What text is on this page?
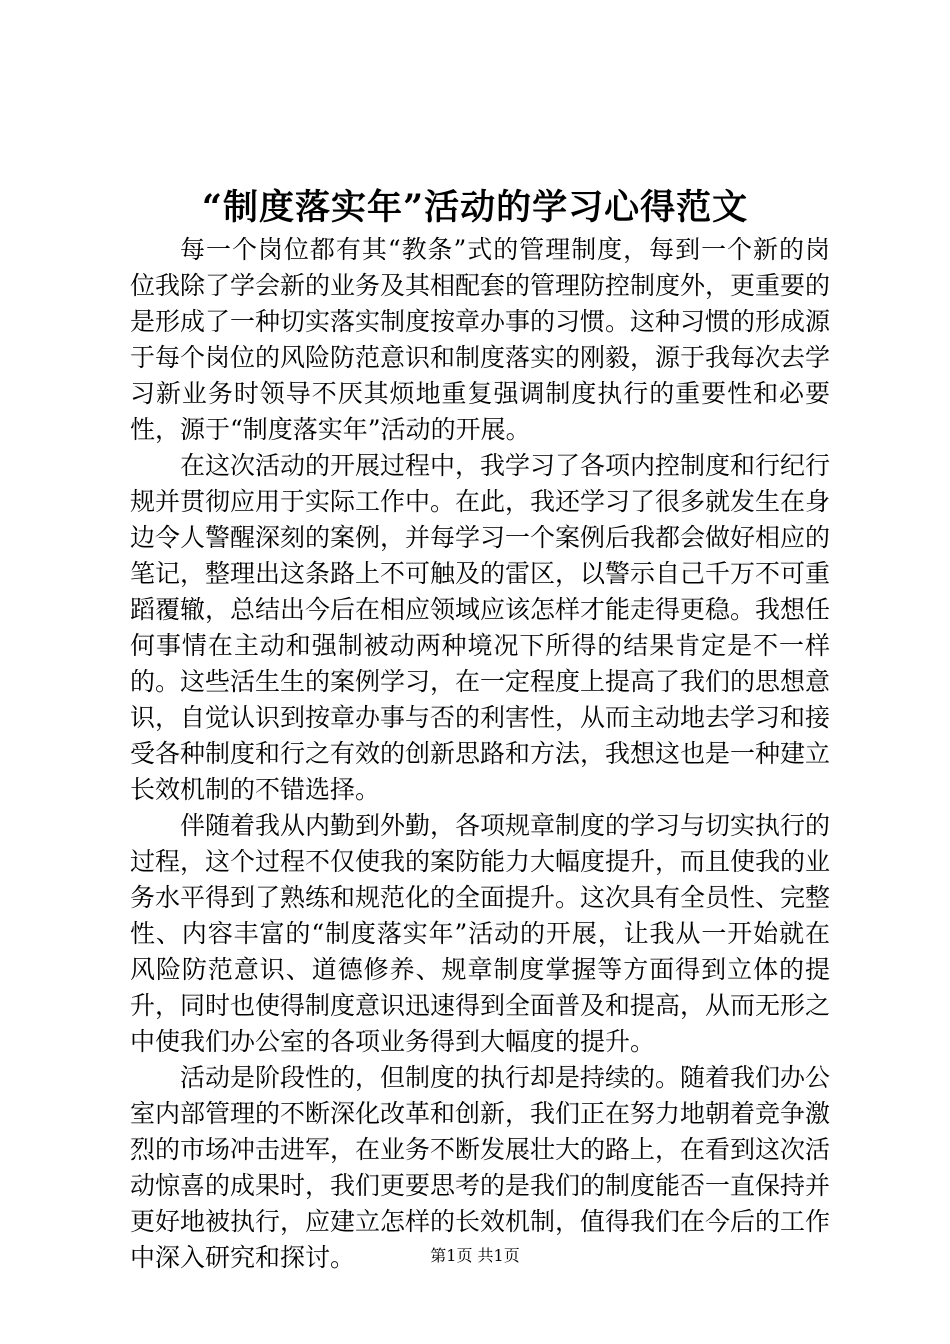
“制度落实年”活动的学习心得范文

每一个岗位都有其“教条”式的管理制度，每到一个新的岗位我除了学会新的业务及其相配套的管理防控制度外，更重要的是形成了一种切实落实制度按章办事的习惯。这种习惯的形成源于每个岗位的风险防范意识和制度落实的刚毅，源于我每次去学习新业务时领导不厌其烦地重复强调制度执行的重要性和必要性，源于“制度落实年”活动的开展。

在这次活动的开展过程中，我学习了各项内控制度和行纪行规并贯彻应用于实际工作中。在此，我还学习了很多就发生在身边令人警醒深刻的案例，并每学习一个案例后我都会做好相应的笔记，整理出这条路上不可触及的雷区，以警示自己千万不可重蹈覆辙，总结出今后在相应领域应该怎样才能走得更稳。我想任何事情在主动和强制被动两种境况下所得的结果肯定是不一样的。这些活生生的案例学习，在一定程度上提高了我们的思想意识，自觉认识到按章办事与否的利害性，从而主动地去学习和接受各种制度和行之有效的创新思路和方法，我想这也是一种建立长效机制的不错选择。

伴随着我从内勤到外勤，各项规章制度的学习与切实执行的过程，这个过程不仅使我的案防能力大幅度提升，而且使我的业务水平得到了熟练和规范化的全面提升。这次具有全员性、完整性、内容丰富的“制度落实年”活动的开展，让我从一开始就在风险防范意识、道德修养、规章制度掌握等方面得到立体的提升，同时也使得制度意识迅速得到全面普及和提高，从而无形之中使我们办公室的各项业务得到大幅度的提升。

活动是阶段性的，但制度的执行却是持续的。随着我们办公室内部管理的不断深化改革和创新，我们正在努力地朝着竞争激烈的市场冲击进军，在业务不断发展壮大的路上，在看到这次活动惊喜的成果时，我们更要思考的是我们的制度能否一直保持并更好地被执行，应建立怎样的长效机制，值得我们在今后的工作中深入研究和探讨。	第1页 共1页
